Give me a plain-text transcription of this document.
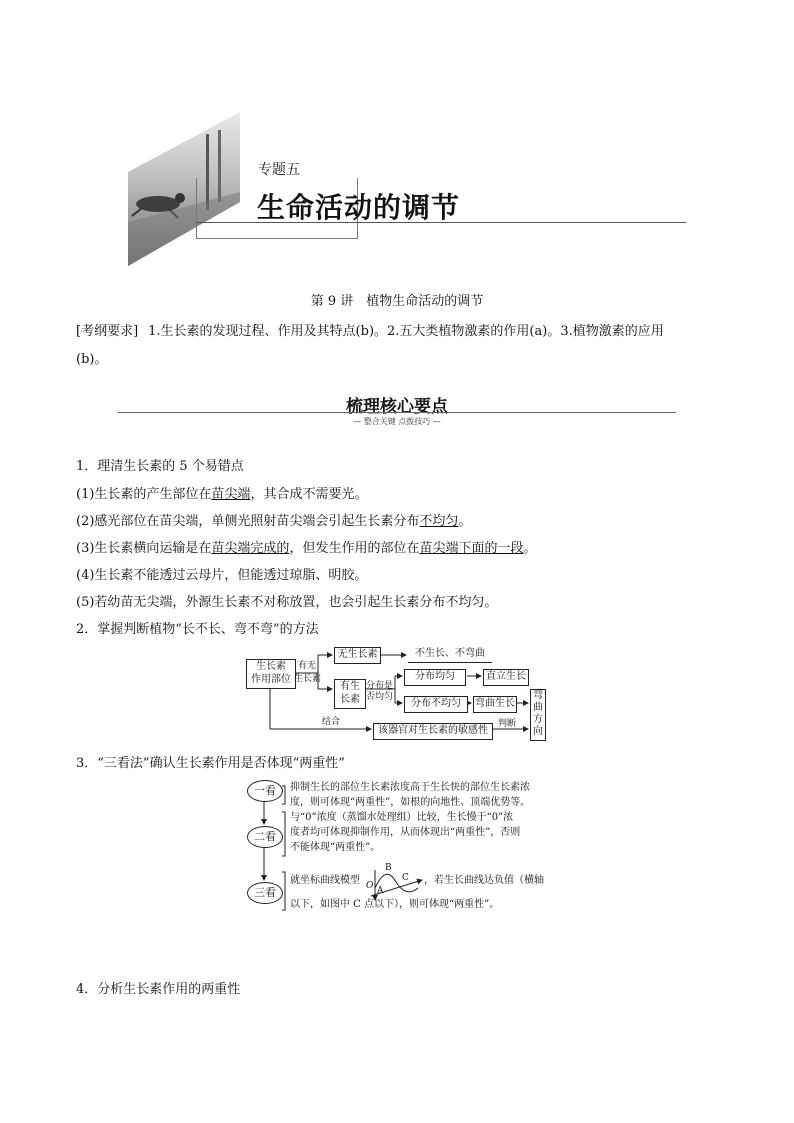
专题五
生命活动的调节
第 9 讲　植物生命活动的调节
[考纲要求] 1.生长素的发现过程、作用及其特点(b)。2.五大类植物激素的作用(a)。3.植物激素的应用
(b)。
梳理核心要点
— 整合关键 点拨技巧 —
1．理清生长素的 5 个易错点
(1)生长素的产生部位在苗尖端，其合成不需要光。
(2)感光部位在苗尖端，单侧光照射苗尖端会引起生长素分布不均匀。
(3)生长素横向运输是在苗尖端完成的，但发生作用的部位在苗尖端下面的一段。
(4)生长素不能透过云母片，但能透过琼脂、明胶。
(5)若幼苗无尖端，外源生长素不对称放置，也会引起生长素分布不均匀。
2．掌握判断植物“长不长、弯不弯”的方法
生长素
作用部位
有无
生长素
无生长素	不生长、不弯曲
有生
长素
分布是
否均匀
分布均匀	直立生长
分布不均匀	弯曲生长
弯曲方向
结合
该器官对生长素的敏感性
判断
3．“三看法”确认生长素作用是否体现“两重性”
一看	抑制生长的部位生长素浓度高于生长快的部位生长素浓
度，则可体现“两重性”，如根的向地性、顶端优势等。
二看
与“0”浓度（蒸馏水处理组）比较，生长慢于“0”浓
度者均可体现抑制作用，从而体现出“两重性”，否则
不能体现“两重性”。
三看
就坐标曲线模型 O A
B
C ，若生长曲线达负值（横轴
以下，如图中 C 点以下），则可体现“两重性”。
4．分析生长素作用的两重性
